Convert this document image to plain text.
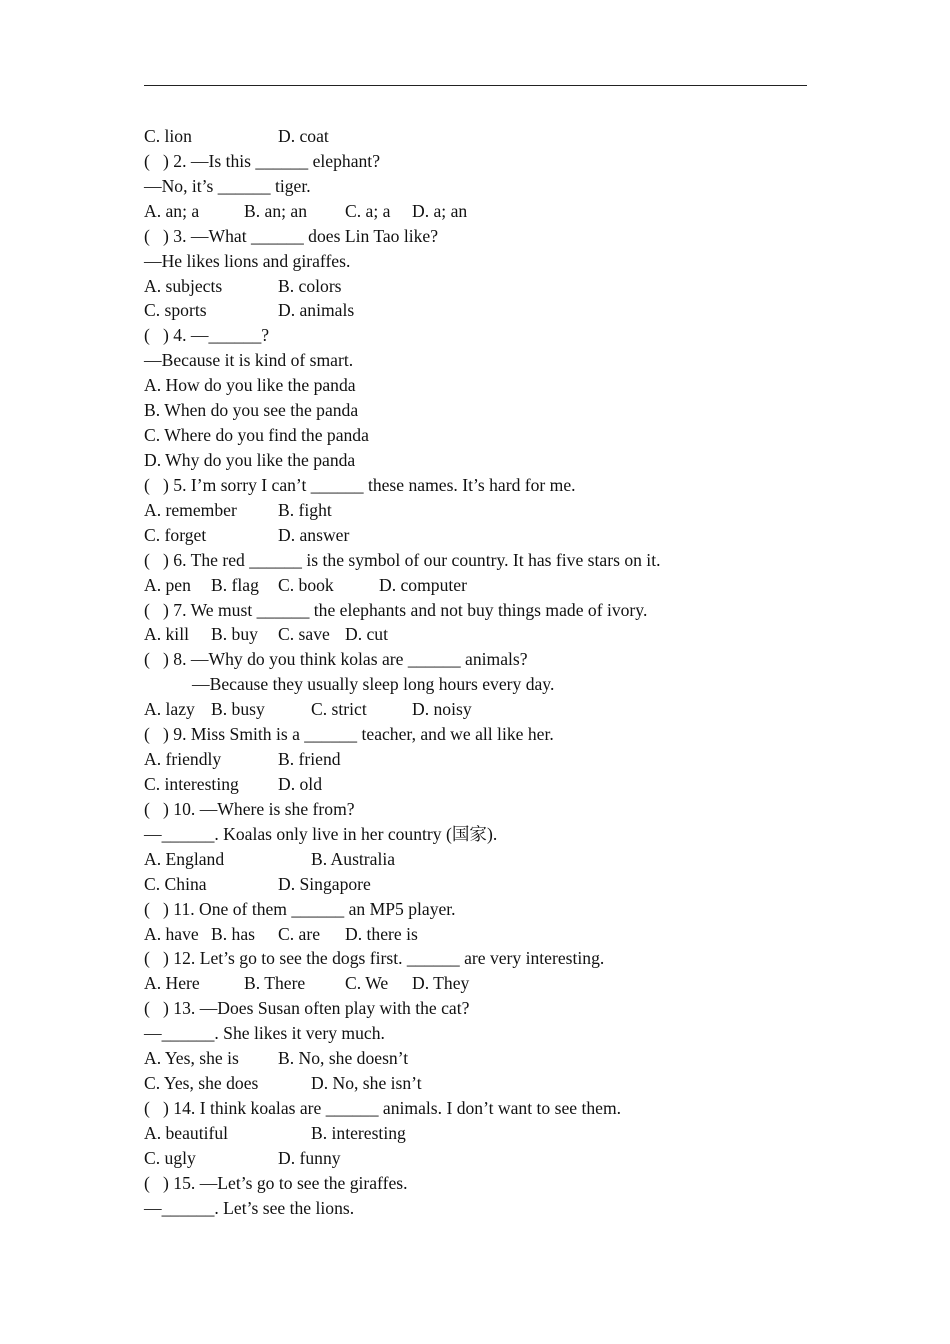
C. lion	D. coat
(   ) 2. —Is this ______ elephant?
—No, it’s ______ tiger.
A. an; a	B. an; an C. a; a D. a; an
(   ) 3. —What ______ does Lin Tao like?
—He likes lions and giraffes.
A. subjects	B. colors
C. sports	D. animals
(   ) 4. —______?
—Because it is kind of smart.
A. How do you like the panda
B. When do you see the panda
C. Where do you find the panda
D. Why do you like the panda
(   ) 5. I’m sorry I can’t ______ these names. It’s hard for me.
A. remember B. fight
C. forget	D. answer
(   ) 6. The red ______ is the symbol of our country. It has five stars on it.
A. pen B. flag C. book	D. computer
(   ) 7. We must ______ the elephants and not buy things made of ivory.
A. kill B. buy C. save D. cut
(   ) 8. —Why do you think kolas are ______ animals?
—Because they usually sleep long hours every day.
A. lazy B. busy	C. strict	D. noisy
(   ) 9. Miss Smith is a ______ teacher, and we all like her.
A. friendly	B. friend
C. interesting D. old
(   ) 10. —Where is she from?
—______. Koalas only live in her country (国家).
A. England	B. Australia
C. China	D. Singapore
(   ) 11. One of them ______ an MP5 player.
A. have B. has C. are D. there is
(   ) 12. Let’s go to see the dogs first. ______ are very interesting.
A. Here	B. There C. We D. They
(   ) 13. —Does Susan often play with the cat?
—______. She likes it very much.
A. Yes, she is B. No, she doesn’t
C. Yes, she does	D. No, she isn’t
(   ) 14. I think koalas are ______ animals. I don’t want to see them.
A. beautiful	B. interesting
C. ugly	D. funny
(   ) 15. —Let’s go to see the giraffes.
—______. Let’s see the lions.
